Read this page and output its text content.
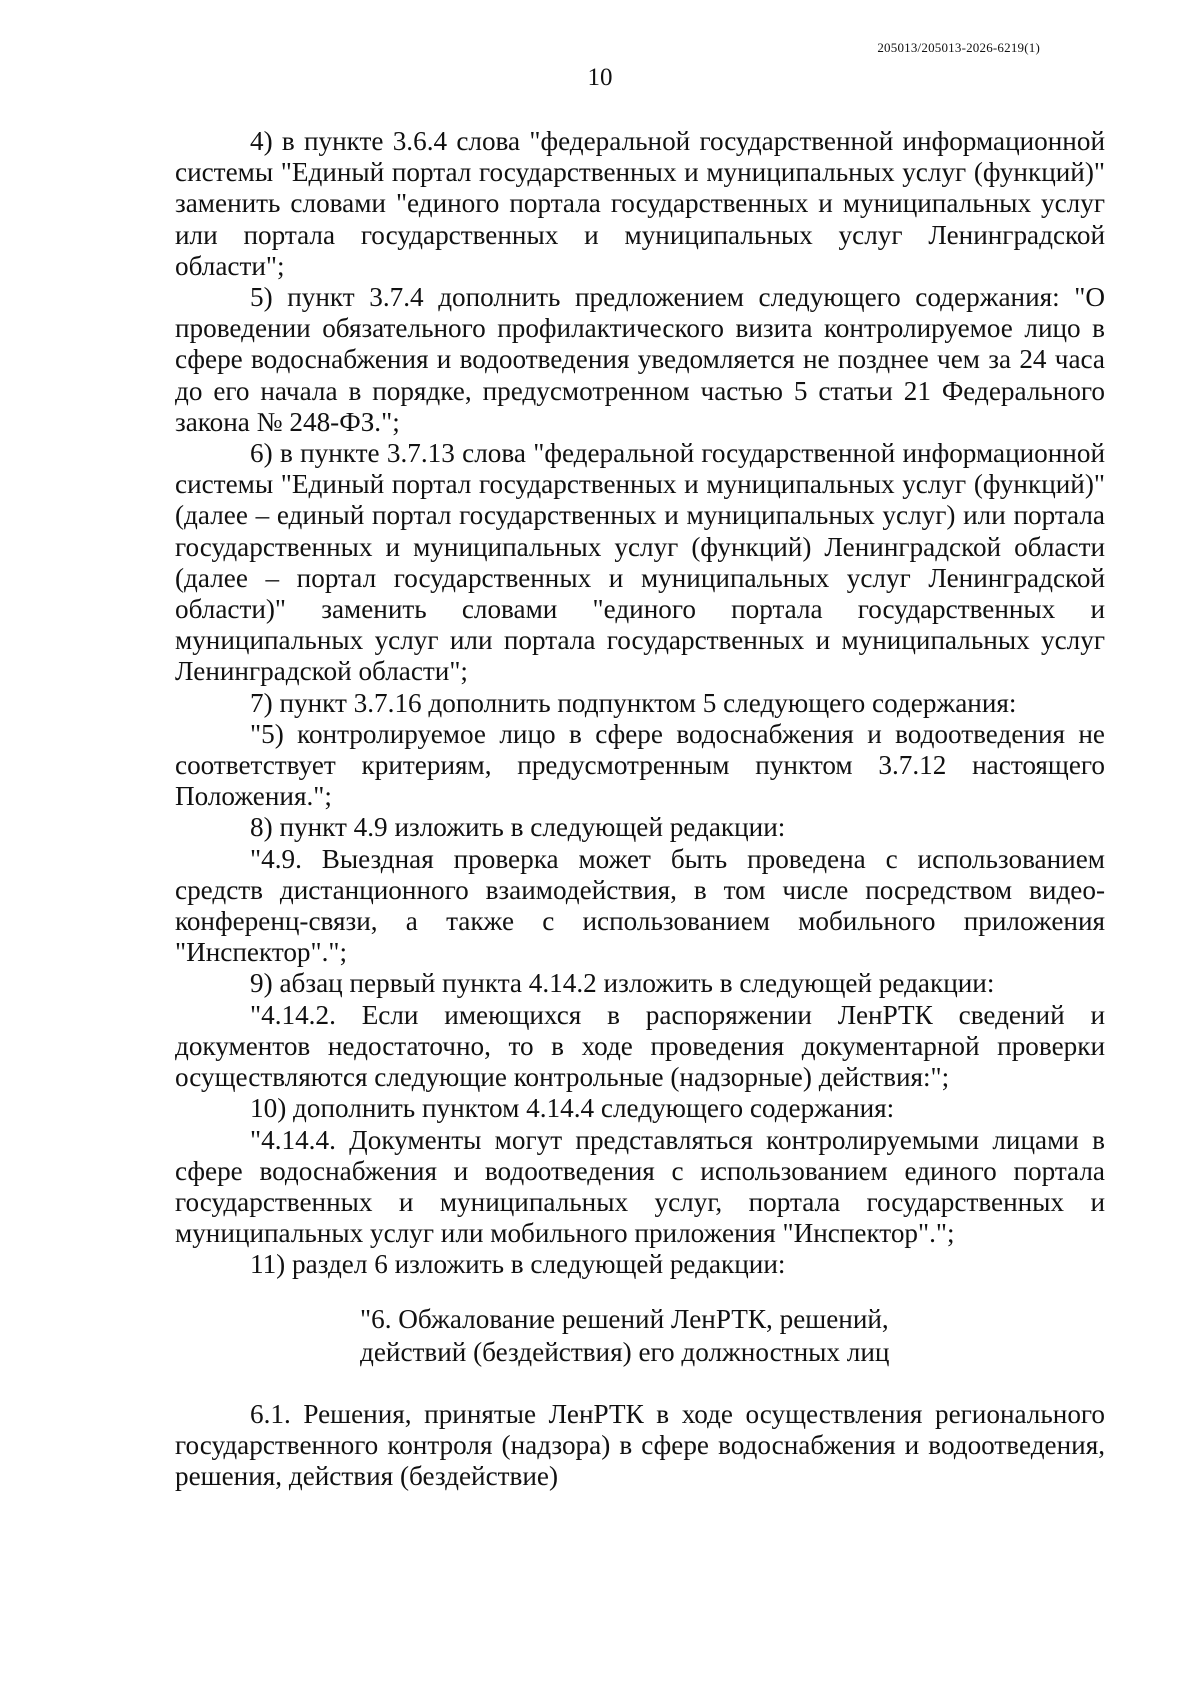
205013/205013-2026-6219(1)
10

4) в пункте 3.6.4 слова "федеральной государственной информационной системы "Единый портал государственных и муниципальных услуг (функций)" заменить словами "единого портала государственных и муниципальных услуг или портала государственных и муниципальных услуг Ленинградской области";

5) пункт 3.7.4 дополнить предложением следующего содержания: "О проведении обязательного профилактического визита контролируемое лицо в сфере водоснабжения и водоотведения уведомляется не позднее чем за 24 часа до его начала в порядке, предусмотренном частью 5 статьи 21 Федерального закона № 248-ФЗ.";

6) в пункте 3.7.13 слова "федеральной государственной информационной системы "Единый портал государственных и муниципальных услуг (функций)" (далее – единый портал государственных и муниципальных услуг) или портала государственных и муниципальных услуг (функций) Ленинградской области (далее – портал государственных и муниципальных услуг Ленинградской области)" заменить словами "единого портала государственных и муниципальных услуг или портала государственных и муниципальных услуг Ленинградской области";

7) пункт 3.7.16 дополнить подпунктом 5 следующего содержания:

"5) контролируемое лицо в сфере водоснабжения и водоотведения не соответствует критериям, предусмотренным пунктом 3.7.12 настоящего Положения.";

8) пункт 4.9 изложить в следующей редакции:

"4.9. Выездная проверка может быть проведена с использованием средств дистанционного взаимодействия, в том числе посредством видео-конференц-связи, а также с использованием мобильного приложения "Инспектор".";

9) абзац первый пункта 4.14.2 изложить в следующей редакции:

"4.14.2. Если имеющихся в распоряжении ЛенРТК сведений и документов недостаточно, то в ходе проведения документарной проверки осуществляются следующие контрольные (надзорные) действия:";

10) дополнить пунктом 4.14.4 следующего содержания:

"4.14.4. Документы могут представляться контролируемыми лицами в сфере водоснабжения и водоотведения с использованием единого портала государственных и муниципальных услуг, портала государственных и муниципальных услуг или мобильного приложения "Инспектор".";

11) раздел 6 изложить в следующей редакции:

"6. Обжалование решений ЛенРТК, решений,
действий (бездействия) его должностных лиц

6.1. Решения, принятые ЛенРТК в ходе осуществления регионального государственного контроля (надзора) в сфере водоснабжения и водоотведения, решения, действия (бездействие)
